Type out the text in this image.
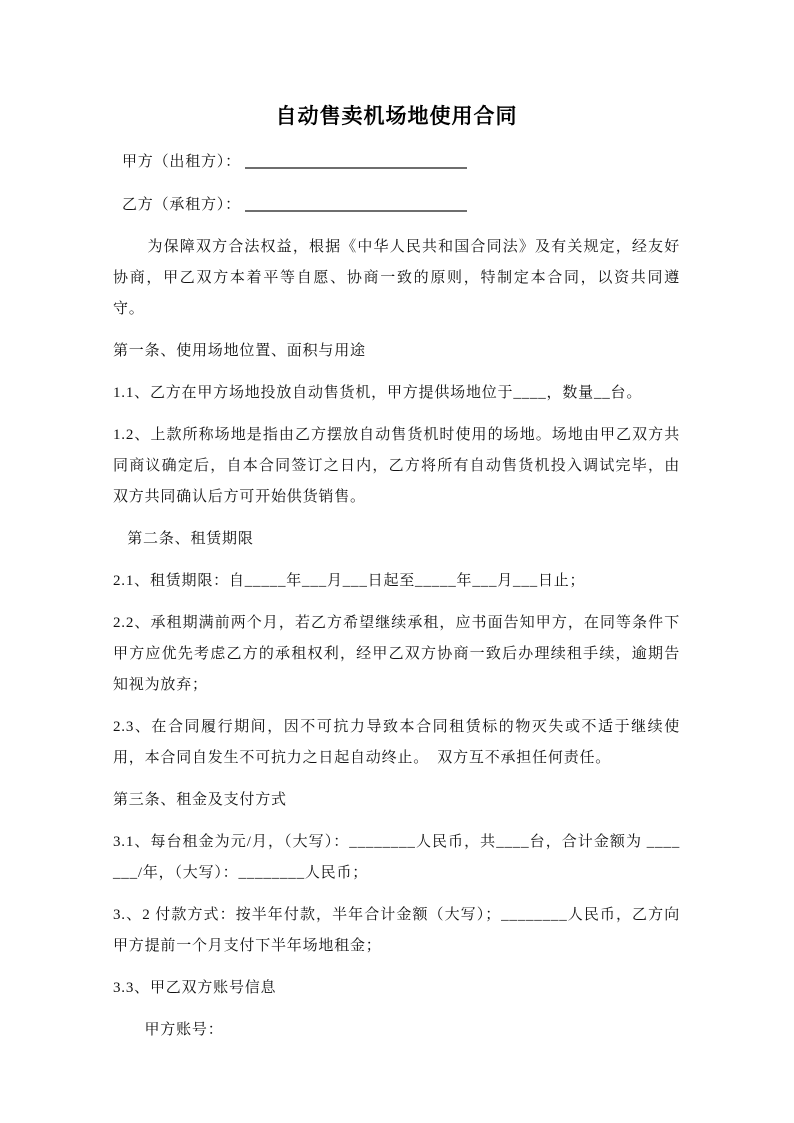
自动售卖机场地使用合同

甲方（出租方）：

乙方（承租方）：

为保障双方合法权益，根据《中华人民共和国合同法》及有关规定，经友好协商，甲乙双方本着平等自愿、协商一致的原则，特制定本合同，以资共同遵守。

第一条、使用场地位置、面积与用途

1.1、乙方在甲方场地投放自动售货机，甲方提供场地位于____，数量__台。

1.2、上款所称场地是指由乙方摆放自动售货机时使用的场地。场地由甲乙双方共同商议确定后，自本合同签订之日内，乙方将所有自动售货机投入调试完毕，由双方共同确认后方可开始供货销售。

第二条、租赁期限

2.1、租赁期限：自_____年___月___日起至_____年___月___日止；

2.2、承租期满前两个月，若乙方希望继续承租，应书面告知甲方，在同等条件下甲方应优先考虑乙方的承租权利，经甲乙双方协商一致后办理续租手续，逾期告知视为放弃；

2.3、在合同履行期间，因不可抗力导致本合同租赁标的物灭失或不适于继续使用，本合同自发生不可抗力之日起自动终止。　双方互不承担任何责任。

第三条、租金及支付方式

3.1、每台租金为元/月，（大写）：________人民币，共____台，合计金额为 _______/年，（大写）：________人民币；

3.、2 付款方式：按半年付款，半年合计金额（大写）；________人民币，乙方向甲方提前一个月支付下半年场地租金；

3.3、甲乙双方账号信息

甲方账号：
